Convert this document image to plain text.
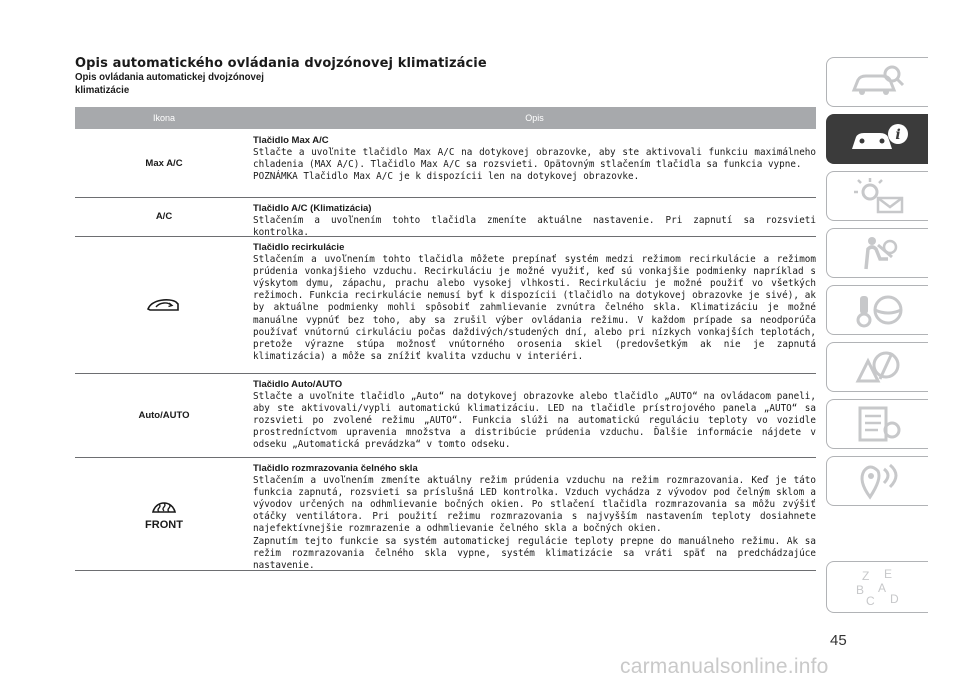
Opis automatického ovládania dvojzónovej klimatizácie
Opis ovládania automatickej dvojzónovej klimatizácie
Ikona	Opis
Max A/C
Tlačidlo Max A/C

Stlačte a uvoľnite tlačidlo Max A/C na dotykovej obrazovke, aby ste aktivovali funkciu maximálneho chladenia (MAX A/C). Tlačidlo Max A/C sa rozsvieti. Opätovným stlačením tlačidla sa funkcia vypne.

POZNÁMKA Tlačidlo Max A/C je k dispozícii len na dotykovej obrazovke.

A/C
Tlačidlo A/C (Klimatizácia)

Stlačením a uvoľnením tohto tlačidla zmeníte aktuálne nastavenie. Pri zapnutí sa rozsvieti kontrolka.

Tlačidlo recirkulácie

Stlačením a uvoľnením tohto tlačidla môžete prepínať systém medzi režimom recirkulácie a režimom prúdenia vonkajšieho vzduchu. Recirkuláciu je možné využiť, keď sú vonkajšie podmienky napríklad s výskytom dymu, zápachu, prachu alebo vysokej vlhkosti. Recirkuláciu je možné použiť vo všetkých režimoch. Funkcia recirkulácie nemusí byť k dispozícii (tlačidlo na dotykovej obrazovke je sivé), ak by aktuálne podmienky mohli spôsobiť zahmlievanie zvnútra čelného skla. Klimatizáciu je možné manuálne vypnúť bez toho, aby sa zrušil výber ovládania režimu. V každom prípade sa neodporúča používať vnútornú cirkuláciu počas daždivých/studených dní, alebo pri nízkych vonkajších teplotách, pretože výrazne stúpa možnosť vnútorného orosenia skiel (predovšetkým ak nie je zapnutá klimatizácia) a môže sa znížiť kvalita vzduchu v interiéri.

Auto/AUTO
Tlačidlo Auto/AUTO

Stlačte a uvoľnite tlačidlo „Auto“ na dotykovej obrazovke alebo tlačidlo „AUTO“ na ovládacom paneli, aby ste aktivovali/vypli automatickú klimatizáciu. LED na tlačidle prístrojového panela „AUTO“ sa rozsvieti po zvolené režimu „AUTO“. Funkcia slúži na automatickú reguláciu teploty vo vozidle prostredníctvom upravenia množstva a distribúcie prúdenia vzduchu. Ďalšie informácie nájdete v odseku „Automatická prevádzka“ v tomto odseku.

FRONT
Tlačidlo rozmrazovania čelného skla

Stlačením a uvoľnením zmeníte aktuálny režim prúdenia vzduchu na režim rozmrazovania. Keď je táto funkcia zapnutá, rozsvieti sa príslušná LED kontrolka. Vzduch vychádza z vývodov pod čelným sklom a vývodov určených na odhmlievanie bočných okien. Po stlačení tlačidla rozmrazovania sa môžu zvýšiť otáčky ventilátora. Pri použití režimu rozmrazovania s najvyšším nastavením teploty dosiahnete najefektívnejšie rozmrazenie a odhmlievanie čelného skla a bočných okien.

Zapnutím tejto funkcie sa systém automatickej regulácie teploty prepne do manuálneho režimu. Ak sa režim rozmrazovania čelného skla vypne, systém klimatizácie sa vráti späť na predchádzajúce nastavenie.

i
Z E
B A
C D
45
carmanualsonline.info
